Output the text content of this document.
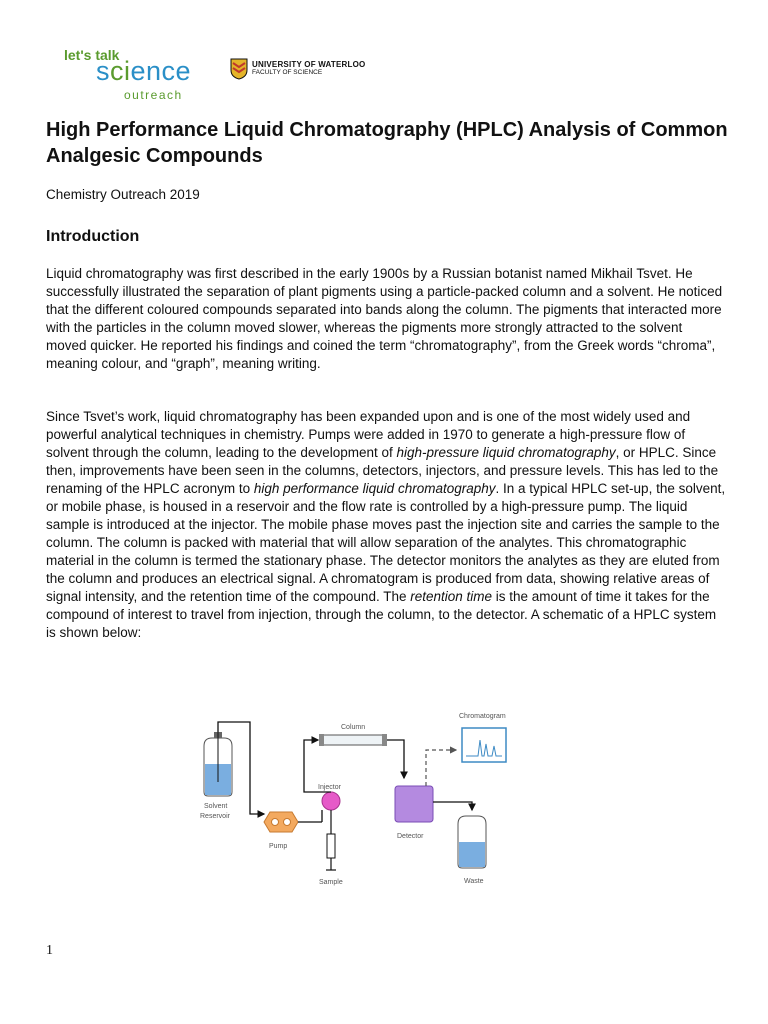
let's talk
science
outreach
UNIVERSITY OF WATERLOO
FACULTY OF SCIENCE
High Performance Liquid Chromatography (HPLC) Analysis of Common Analgesic Compounds
Chemistry Outreach 2019
Introduction

Liquid chromatography was first described in the early 1900s by a Russian botanist named Mikhail Tsvet. He successfully illustrated the separation of plant pigments using a particle-packed column and a solvent. He noticed that the different coloured compounds separated into bands along the column. The pigments that interacted more with the particles in the column moved slower, whereas the pigments more strongly attracted to the solvent moved quicker. He reported his findings and coined the term “chromatography”, from the Greek words “chroma”, meaning colour, and “graph”, meaning writing.

Since Tsvet’s work, liquid chromatography has been expanded upon and is one of the most widely used and powerful analytical techniques in chemistry. Pumps were added in 1970 to generate a high-pressure flow of solvent through the column, leading to the development of high-pressure liquid chromatography, or HPLC. Since then, improvements have been seen in the columns, detectors, injectors, and pressure levels. This has led to the renaming of the HPLC acronym to high performance liquid chromatography. In a typical HPLC set-up, the solvent, or mobile phase, is housed in a reservoir and the flow rate is controlled by a high-pressure pump. The liquid sample is introduced at the injector. The mobile phase moves past the injection site and carries the sample to the column. The column is packed with material that will allow separation of the analytes. This chromatographic material in the column is termed the stationary phase. The detector monitors the analytes as they are eluted from the column and produces an electrical signal. A chromatogram is produced from data, showing relative areas of signal intensity, and the retention time of the compound. The retention time is the amount of time it takes for the compound of interest to travel from injection, through the column, to the detector. A schematic of a HPLC system is shown below:

Solvent
Reservoir
Pump
Injector
Sample
Column
Detector
Chromatogram
Waste
1
